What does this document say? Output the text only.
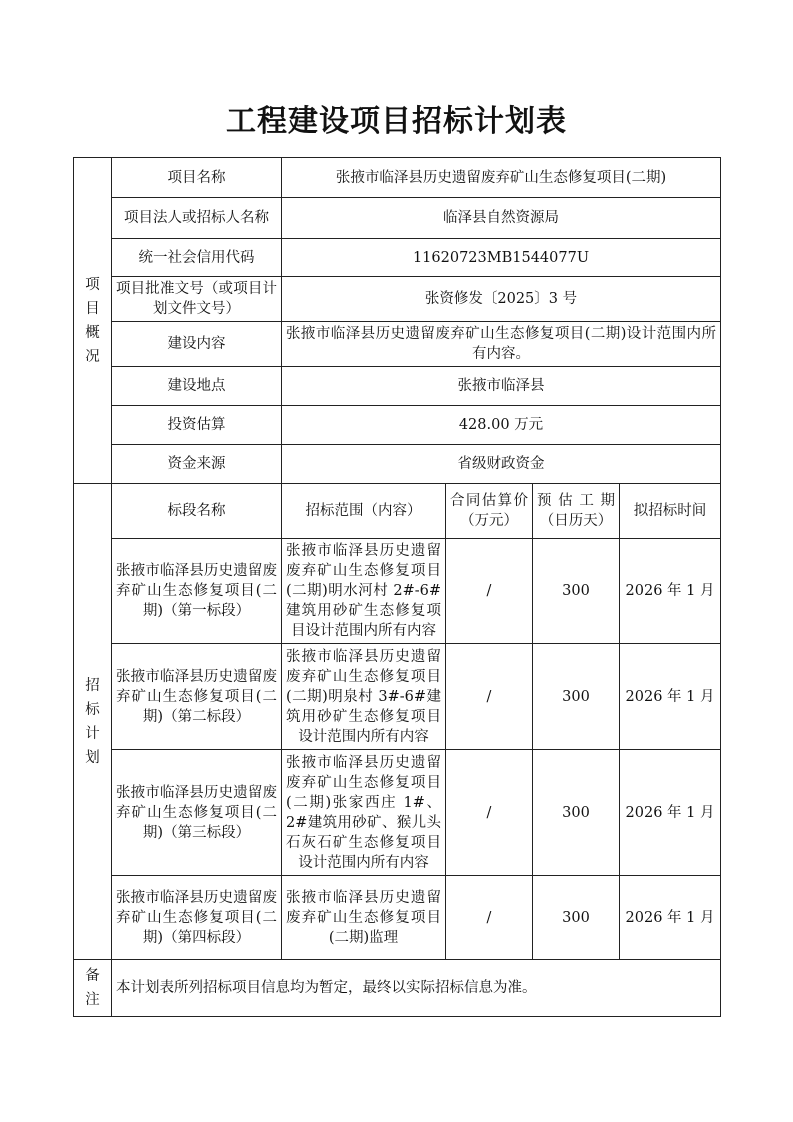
工程建设项目招标计划表
项
目
概
况	项目名称	张掖市临泽县历史遗留废弃矿山生态修复项目(二期)			
	项目法人或招标人名称	临泽县自然资源局			
	统一社会信用代码	11620723MB1544077U			
	项目批准文号（或项目计划文件文号）	张资修发〔2025〕3 号			
	建设内容	张掖市临泽县历史遗留废弃矿山生态修复项目(二期)设计范围内所有内容。			
	建设地点	张掖市临泽县			
	投资估算	428.00 万元			
	资金来源	省级财政资金			
招
标
计
划	标段名称	招标范围（内容）	合同估算价（万元）	预估工期（日历天）	拟招标时间
	张掖市临泽县历史遗留废弃矿山生态修复项目(二期)（第一标段）	张掖市临泽县历史遗留废弃矿山生态修复项目(二期)明水河村 2#-6#建筑用砂矿生态修复项目设计范围内所有内容	/	300	2026 年 1 月
	张掖市临泽县历史遗留废弃矿山生态修复项目(二期)（第二标段）	张掖市临泽县历史遗留废弃矿山生态修复项目(二期)明泉村 3#-6#建筑用砂矿生态修复项目设计范围内所有内容	/	300	2026 年 1 月
	张掖市临泽县历史遗留废弃矿山生态修复项目(二期)（第三标段）	张掖市临泽县历史遗留废弃矿山生态修复项目(二期)张家西庄 1#、2#建筑用砂矿、猴儿头石灰石矿生态修复项目设计范围内所有内容	/	300	2026 年 1 月
	张掖市临泽县历史遗留废弃矿山生态修复项目(二期)（第四标段）	张掖市临泽县历史遗留废弃矿山生态修复项目(二期)监理	/	300	2026 年 1 月
备
注	本计划表所列招标项目信息均为暂定，最终以实际招标信息为准。				
